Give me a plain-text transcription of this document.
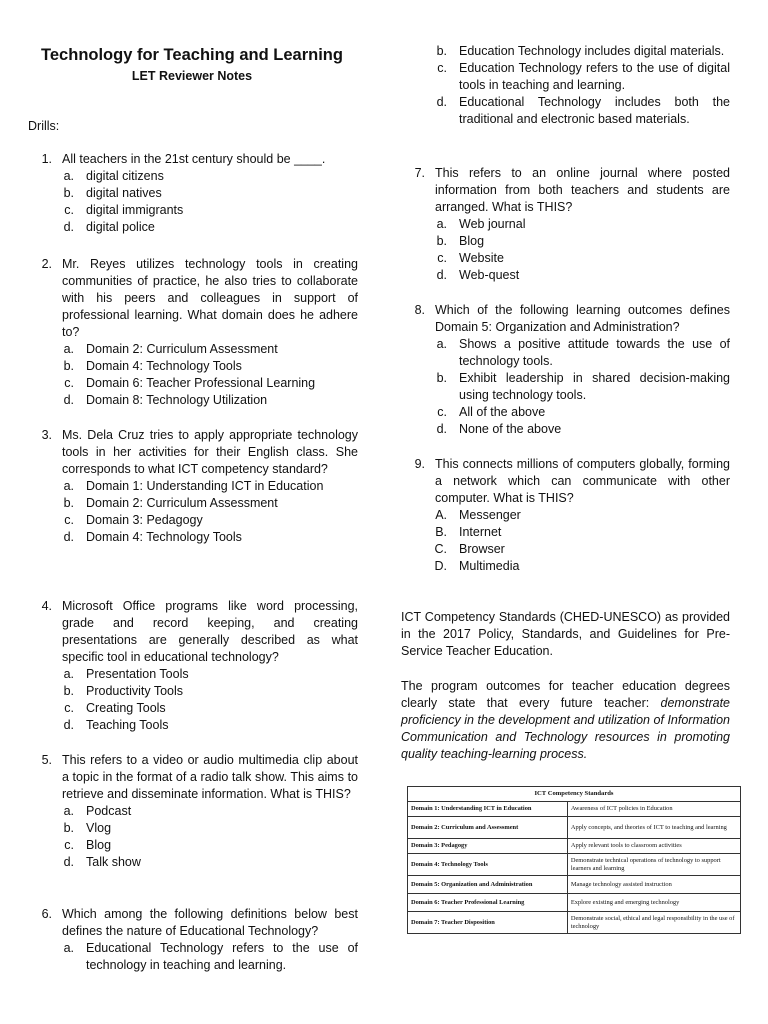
Technology for Teaching and Learning
LET Reviewer Notes

Drills:

1. All teachers in the 21st century should be ____.
a. digital citizens
b. digital natives
c. digital immigrants
d. digital police
2. Mr. Reyes utilizes technology tools in creating communities of practice, he also tries to collaborate with his peers and colleagues in support of professional learning. What domain does he adhere to?
a. Domain 2: Curriculum Assessment
b. Domain 4: Technology Tools
c. Domain 6: Teacher Professional Learning
d. Domain 8: Technology Utilization
3. Ms. Dela Cruz tries to apply appropriate technology tools in her activities for their English class. She corresponds to what ICT competency standard?
a. Domain 1: Understanding ICT in Education
b. Domain 2: Curriculum Assessment
c. Domain 3: Pedagogy
d. Domain 4: Technology Tools
4. Microsoft Office programs like word processing, grade and record keeping, and creating presentations are generally described as what specific tool in educational technology?
a. Presentation Tools
b. Productivity Tools
c. Creating Tools
d. Teaching Tools
5. This refers to a video or audio multimedia clip about a topic in the format of a radio talk show. This aims to retrieve and disseminate information. What is THIS?
a. Podcast
b. Vlog
c. Blog
d. Talk show
6. Which among the following definitions below best defines the nature of Educational Technology?
a. Educational Technology refers to the use of technology in teaching and learning.
b. Education Technology includes digital materials.
c. Education Technology refers to the use of digital tools in teaching and learning.
d. Educational Technology includes both the traditional and electronic based materials.
7. This refers to an online journal where posted information from both teachers and students are arranged. What is THIS?
a. Web journal
b. Blog
c. Website
d. Web-quest
8. Which of the following learning outcomes defines Domain 5: Organization and Administration?
a. Shows a positive attitude towards the use of technology tools.
b. Exhibit leadership in shared decision-making using technology tools.
c. All of the above
d. None of the above
9. This connects millions of computers globally, forming a network which can communicate with other computer. What is THIS?
A. Messenger
B. Internet
C. Browser
D. Multimedia

ICT Competency Standards (CHED-UNESCO) as provided in the 2017 Policy, Standards, and Guidelines for Pre-Service Teacher Education.

The program outcomes for teacher education degrees clearly state that every future teacher: demonstrate proficiency in the development and utilization of Information Communication and Technology resources in promoting quality teaching-learning process.

ICT Competency Standards	
Domain 1: Understanding ICT in Education	Awareness of ICT policies in Education
Domain 2: Curriculum and Assessment	Apply concepts, and theories of ICT to teaching and learning
Domain 3: Pedagogy	Apply relevant tools to classroom activities
Domain 4: Technology Tools	Demonstrate technical operations of technology to support learners and learning
Domain 5: Organization and Administration	Manage technology assisted instruction
Domain 6: Teacher Professional Learning	Explore existing and emerging technology
Domain 7: Teacher Disposition	Demonstrate social, ethical and legal responsibility in the use of technology
